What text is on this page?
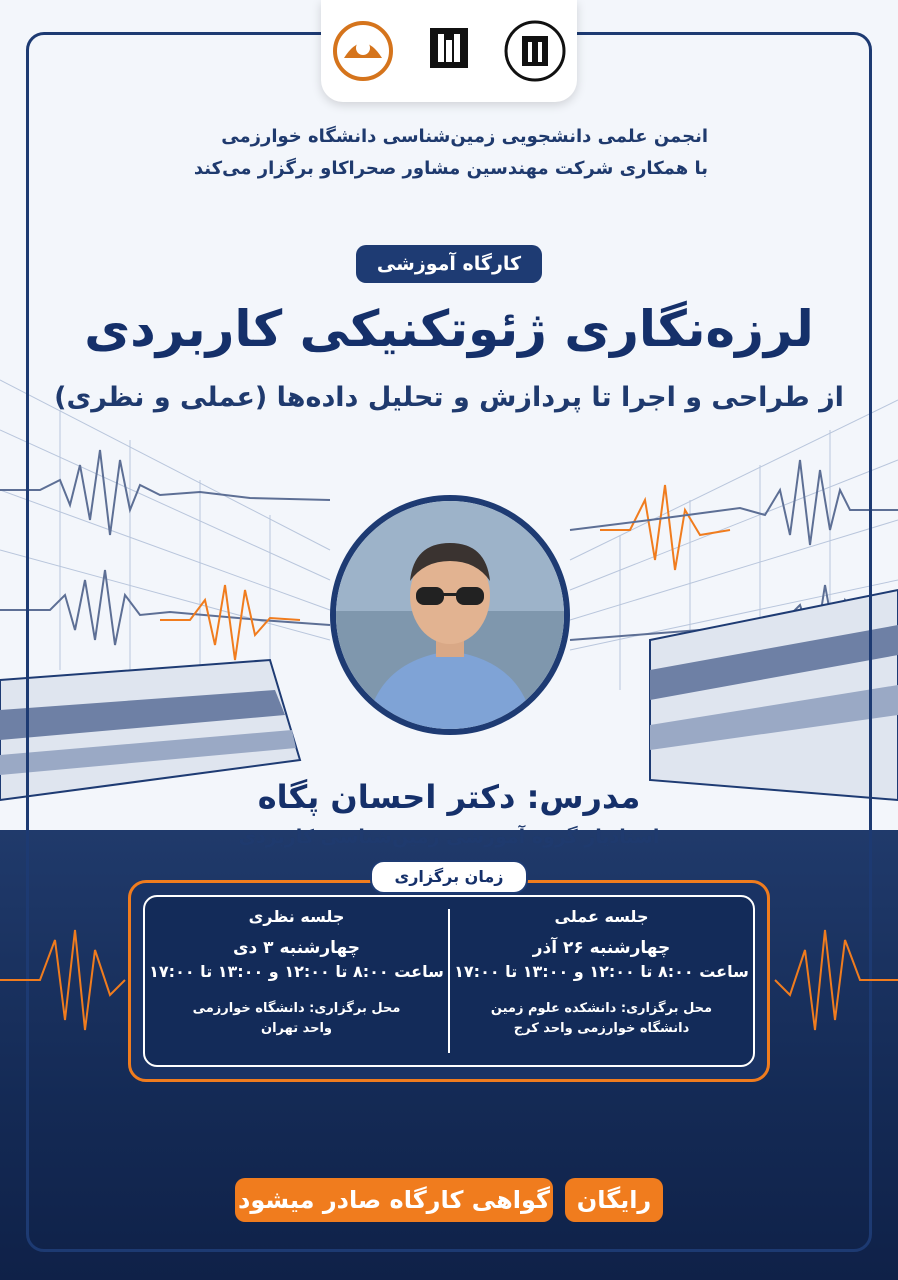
انجمن علمی دانشجویی زمین‌شناسی دانشگاه خوارزمی
با همکاری شرکت مهندسین مشاور صحراکاو برگزار می‌کند
کارگاه آموزشی
لرزه‌نگاری ژئوتکنیکی کاربردی
از طراحی و اجرا تا پردازش و تحلیل داده‌ها (عملی و نظری)
مدرس: دکتر احسان پگاه
استادیار گروه آموزشی زمین‌شناسی کاربردی
جلسه عملی
چهارشنبه ۲۶ آذر
ساعت ۸:۰۰ تا ۱۲:۰۰ و ۱۳:۰۰ تا ۱۷:۰۰
محل برگزاری: دانشکده علوم زمین
دانشگاه خوارزمی واحد کرج
جلسه نظری
چهارشنبه ۳ دی
ساعت ۸:۰۰ تا ۱۲:۰۰ و ۱۳:۰۰ تا ۱۷:۰۰
محل برگزاری: دانشگاه خوارزمی
واحد تهران
زمان برگزاری
رایگان
گواهی کارگاه صادر میشود
